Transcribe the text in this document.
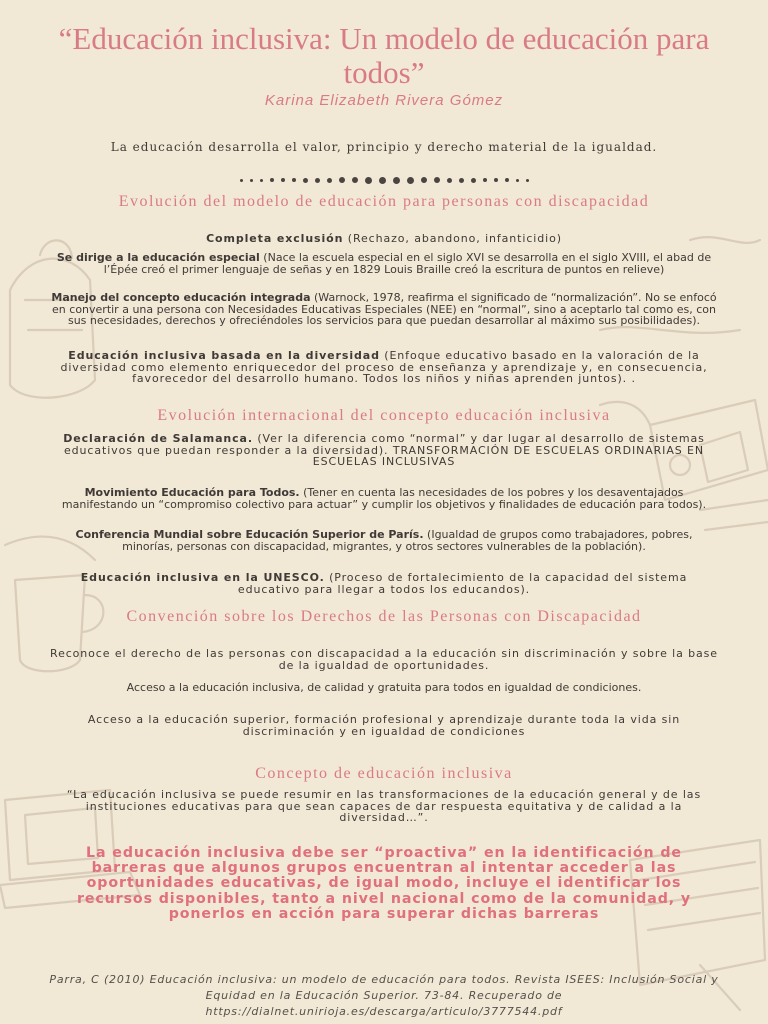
“Educación inclusiva: Un modelo de educación para todos”
Karina Elizabeth Rivera Gómez
La educación desarrolla el valor, principio y derecho material de la igualdad.
Evolución del modelo de educación para personas con discapacidad
Completa exclusión (Rechazo, abandono, infanticidio)
Se dirige a la educación especial (Nace la escuela especial en el siglo XVI se desarrolla en el siglo XVIII, el abad de l’Épée creó el primer lenguaje de señas y en 1829 Louis Braille creó la escritura de puntos en relieve)
Manejo del concepto educación integrada (Warnock, 1978, reafirma el significado de “normalización”. No se enfocó en convertir a una persona con Necesidades Educativas Especiales (NEE) en “normal”, sino a aceptarlo tal como es, con sus necesidades, derechos y ofreciéndoles los servicios para que puedan desarrollar al máximo sus posibilidades).
Educación inclusiva basada en la diversidad (Enfoque educativo basado en la valoración de la diversidad como elemento enriquecedor del proceso de enseñanza y aprendizaje y, en consecuencia, favorecedor del desarrollo humano. Todos los niños y niñas aprenden juntos). .
Evolución internacional del concepto educación inclusiva
Declaración de Salamanca. (Ver la diferencia como “normal” y dar lugar al desarrollo de sistemas educativos que puedan responder a la diversidad). TRANSFORMACIÓN DE ESCUELAS ORDINARIAS EN ESCUELAS INCLUSIVAS
Movimiento Educación para Todos. (Tener en cuenta las necesidades de los pobres y los desaventajados manifestando un “compromiso colectivo para actuar” y cumplir los objetivos y finalidades de educación para todos).
Conferencia Mundial sobre Educación Superior de París. (Igualdad de grupos como trabajadores, pobres, minorías, personas con discapacidad, migrantes, y otros sectores vulnerables de la población).
Educación inclusiva en la UNESCO. (Proceso de fortalecimiento de la capacidad del sistema educativo para llegar a todos los educandos).
Convención sobre los Derechos de las Personas con Discapacidad
Reconoce el derecho de las personas con discapacidad a la educación sin discriminación y sobre la base de la igualdad de oportunidades.
Acceso a la educación inclusiva, de calidad y gratuita para todos en igualdad de condiciones.
Acceso a la educación superior, formación profesional y aprendizaje durante toda la vida sin discriminación y en igualdad de condiciones
Concepto de educación inclusiva
“La educación inclusiva se puede resumir en las transformaciones de la educación general y de las instituciones educativas para que sean capaces de dar respuesta equitativa y de calidad a la diversidad…”.
La educación inclusiva debe ser “proactiva” en la identificación de barreras que algunos grupos encuentran al intentar acceder a las oportunidades educativas, de igual modo, incluye el identificar los recursos disponibles, tanto a nivel nacional como de la comunidad, y ponerlos en acción para superar dichas barreras
Parra, C (2010) Educación inclusiva: un modelo de educación para todos. Revista ISEES: Inclusión Social y Equidad en la Educación Superior. 73-84. Recuperado de https://dialnet.unirioja.es/descarga/articulo/3777544.pdf
